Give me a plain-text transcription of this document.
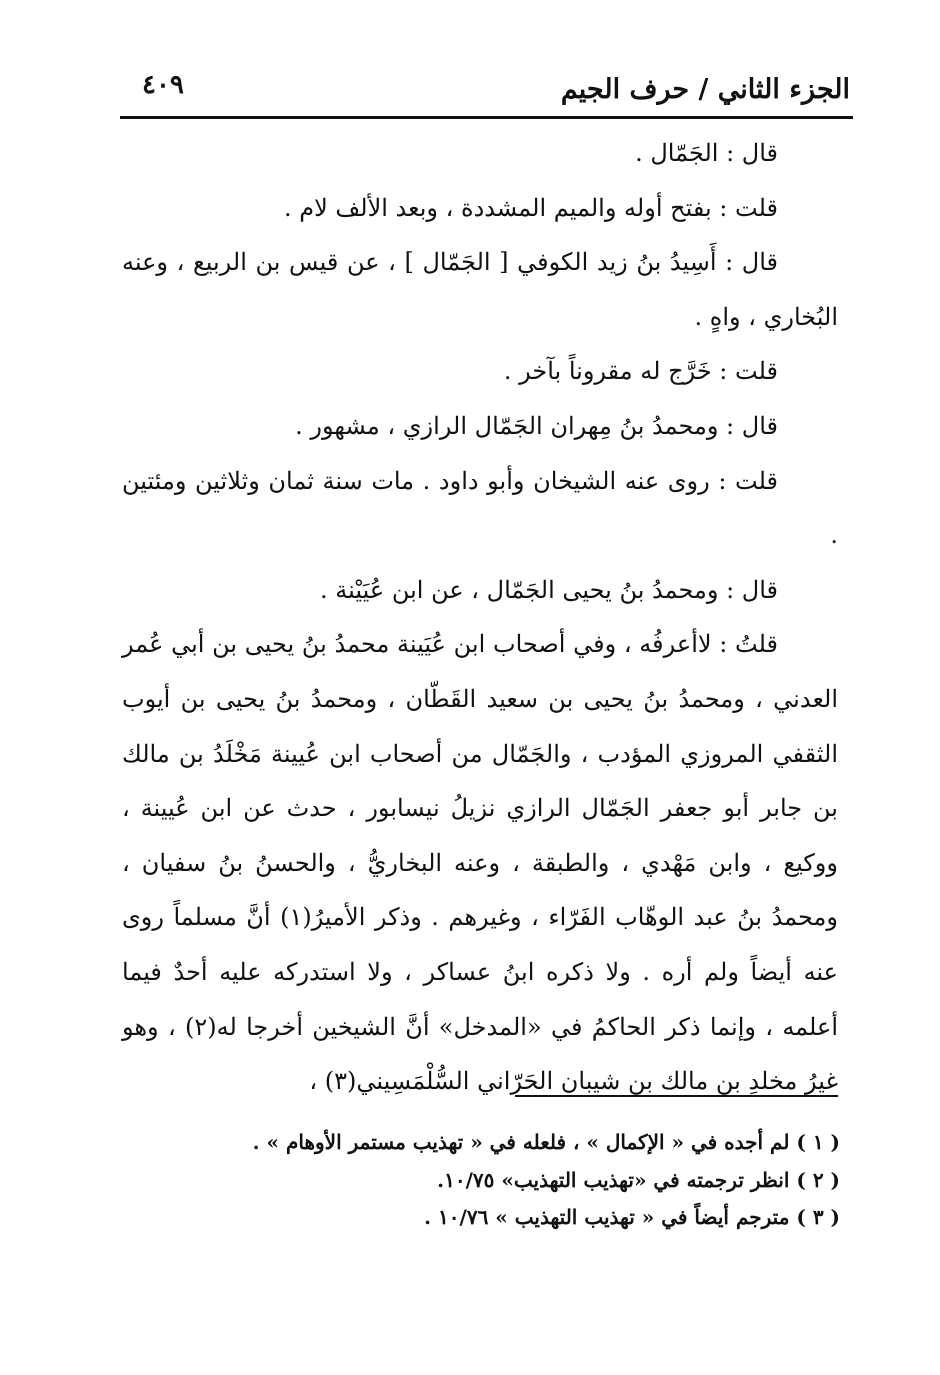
الجزء الثاني / حرف الجيم
٤٠٩

قال : الجَمّال .

قلت : بفتح أوله والميم المشددة ، وبعد الألف لام .

قال : أَسِيدُ بنُ زيد الكوفي [ الجَمّال ] ، عن قيس بن الربيع ، وعنه البُخاري ، واهٍ .

قلت : خَرَّج له مقروناً بآخر .

قال : ومحمدُ بنُ مِهران الجَمّال الرازي ، مشهور .

قلت : روى عنه الشيخان وأبو داود . مات سنة ثمان وثلاثين ومئتين .

قال : ومحمدُ بنُ يحيى الجَمّال ، عن ابن عُيَيْنة .

قلتُ : لاأعرفُه ، وفي أصحاب ابن عُيَينة محمدُ بنُ يحيى بن أبي عُمر العدني ، ومحمدُ بنُ يحيى بن سعيد القَطّان ، ومحمدُ بنُ يحيى بن أيوب الثقفي المروزي المؤدب ، والجَمّال من أصحاب ابن عُيينة مَخْلَدُ بن مالك بن جابر أبو جعفر الجَمّال الرازي نزيلُ نيسابور ، حدث عن ابن عُيينة ، ووكيع ، وابن مَهْدي ، والطبقة ، وعنه البخاريُّ ، والحسنُ بنُ سفيان ، ومحمدُ بنُ عبد الوهّاب الفَرّاء ، وغيرهم . وذكر الأميرُ(١) أنَّ مسلماً روى عنه أيضاً ولم أره . ولا ذكره ابنُ عساكر ، ولا استدركه عليه أحدٌ فيما أعلمه ، وإنما ذكر الحاكمُ في «المدخل» أنَّ الشيخين أخرجا له(٢) ، وهو غيرُ مخلدِ بن مالك بن شيبان الحَرّاني السُّلْمَسِيني(٣) ،

( ١ ) لم أجده في « الإكمال » ، فلعله في « تهذيب مستمر الأوهام » .

( ٢ ) انظر ترجمته في «تهذيب التهذيب» ١٠/٧٥.

( ٣ ) مترجم أيضاً في « تهذيب التهذيب » ١٠/٧٦ .
